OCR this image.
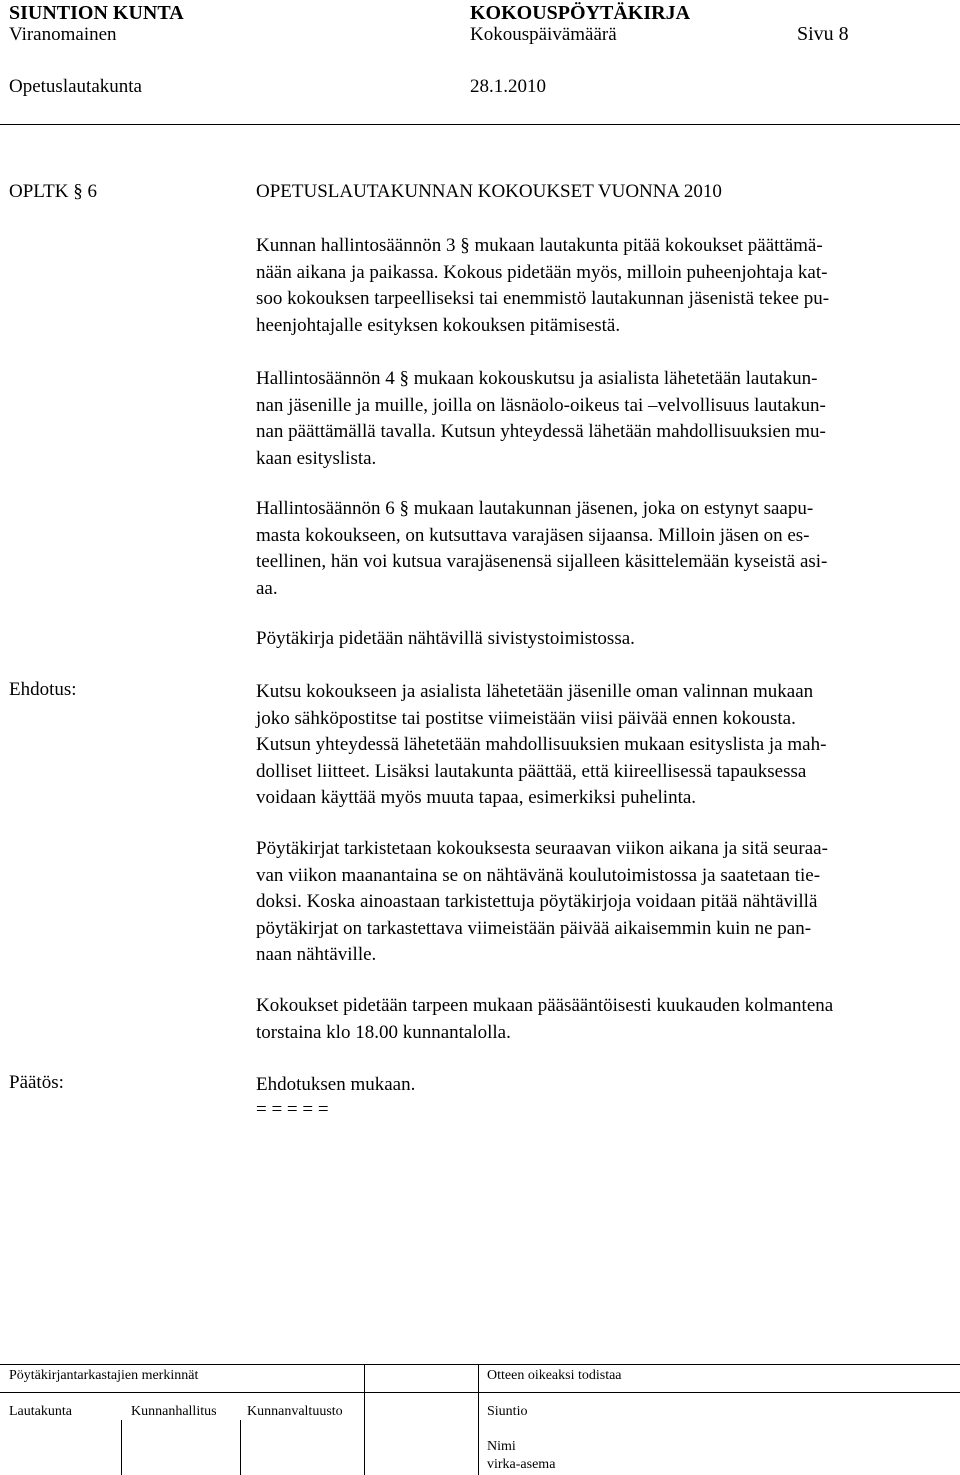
SIUNTION KUNTA	KOKOUSPÖYTÄKIRJA
Viranomainen	Kokouspäivämäärä	Sivu 8
Opetuslautakunta	28.1.2010
OPLTK § 6	OPETUSLAUTAKUNNAN KOKOUKSET VUONNA 2010
Kunnan hallintosäännön 3 § mukaan lautakunta pitää kokoukset päättämä-
nään aikana ja paikassa. Kokous pidetään myös, milloin puheenjohtaja kat-
soo kokouksen tarpeelliseksi tai enemmistö lautakunnan jäsenistä tekee pu-
heenjohtajalle esityksen kokouksen pitämisestä.
Hallintosäännön 4 § mukaan kokouskutsu ja asialista lähetetään lautakun-
nan jäsenille ja muille, joilla on läsnäolo-oikeus tai –velvollisuus lautakun-
nan päättämällä tavalla. Kutsun yhteydessä lähetään mahdollisuuksien mu-
kaan esityslista.
Hallintosäännön 6 § mukaan lautakunnan jäsenen, joka on estynyt saapu-
masta kokoukseen, on kutsuttava varajäsen sijaansa. Milloin jäsen on es-
teellinen, hän voi kutsua varajäsenensä sijalleen käsittelemään kyseistä asi-
aa.
Pöytäkirja pidetään nähtävillä sivistystoimistossa.
Ehdotus:	Kutsu kokoukseen ja asialista lähetetään jäsenille oman valinnan mukaan
joko sähköpostitse tai postitse viimeistään viisi päivää ennen kokousta.
Kutsun yhteydessä lähetetään mahdollisuuksien mukaan esityslista ja mah-
dolliset liitteet. Lisäksi lautakunta päättää, että kiireellisessä tapauksessa
voidaan käyttää myös muuta tapaa, esimerkiksi puhelinta.
Pöytäkirjat tarkistetaan kokouksesta seuraavan viikon aikana ja sitä seuraa-
van viikon maanantaina se on nähtävänä koulutoimistossa ja saatetaan tie-
doksi. Koska ainoastaan tarkistettuja pöytäkirjoja voidaan pitää nähtävillä
pöytäkirjat on tarkastettava viimeistään päivää aikaisemmin kuin ne pan-
naan nähtäville.
Kokoukset pidetään tarpeen mukaan pääsääntöisesti kuukauden kolmantena
torstaina klo 18.00 kunnantalolla.
Päätös:	Ehdotuksen mukaan.
= = = = =
Pöytäkirjantarkastajien merkinnät	Otteen oikeaksi todistaa
Lautakunta	Kunnanhallitus Kunnanvaltuusto	Siuntio
Nimi
virka-asema
